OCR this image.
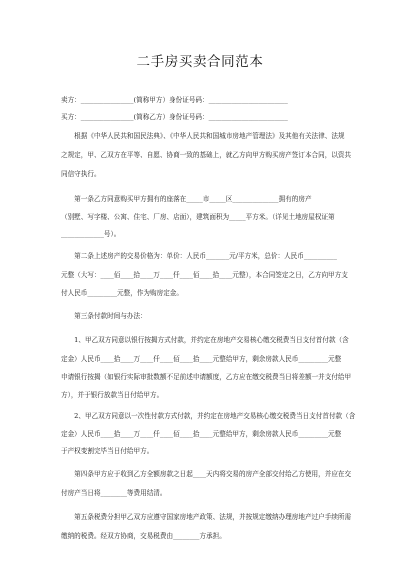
二手房买卖合同范本
卖方：________________(简称甲方）身份证号码：________________________
买方：________________(简称乙方）身份证号码：________________________
　　根据《中华人民共和国民法典》、《中华人民共和国城市房地产管理法》及其他有关法律、法规
之规定，甲、乙双方在平等、自愿、协商一致的基础上，就乙方向甲方购买房产签订本合同，以资共
同信守执行。
　　第一条乙方同意购买甲方拥有的座落在_____市_____区______________拥有的房产
（别墅、写字楼、公寓、住宅、厂房、店面），建筑面积为_____平方米。（详见土地房屋权证第
_____________号）。
　　第二条上述房产的交易价格为：单价：人民币_______元/平方米，总价：人民币__________
元整（大写：____佰____拾____万____仟____佰____拾____元整），本合同签定之日，乙方向甲方支
付人民币_________元整，作为购房定金。
　　第三条付款时间与办法：
　　1、甲乙双方同意以银行按揭方式付款，并约定在房地产交易核心缴交税费当日支付首付款（含
定金）人民币____拾____万____仟____佰____拾____元整给甲方，剩余房款人民币_________元整
申请银行按揭（如银行实际审批数额不足前述申请额度，乙方应在缴交税费当日将差额一并支付给甲
方），并于银行放款当日付给甲方。
　　2、甲乙双方同意以一次性付款方式付款，并约定在房地产交易核心缴交税费当日支付首付款（含
定金）人民币____拾____万____仟____佰____拾____元整给甲方，剩余房款人民币_________元整
于产权变割完毕当日付给甲方。
　　第四条甲方应于收到乙方全额房款之日起____天内将交易的房产全部交付给乙方使用，并应在交
付房产当日将________等费用结清。
　　第五条税费分担甲乙双方应遵守国家房地产政策、法规，并按规定缴纳办理房地产过户手续所需
缴纳的税费。经双方协商，交易税费由________方承担。
